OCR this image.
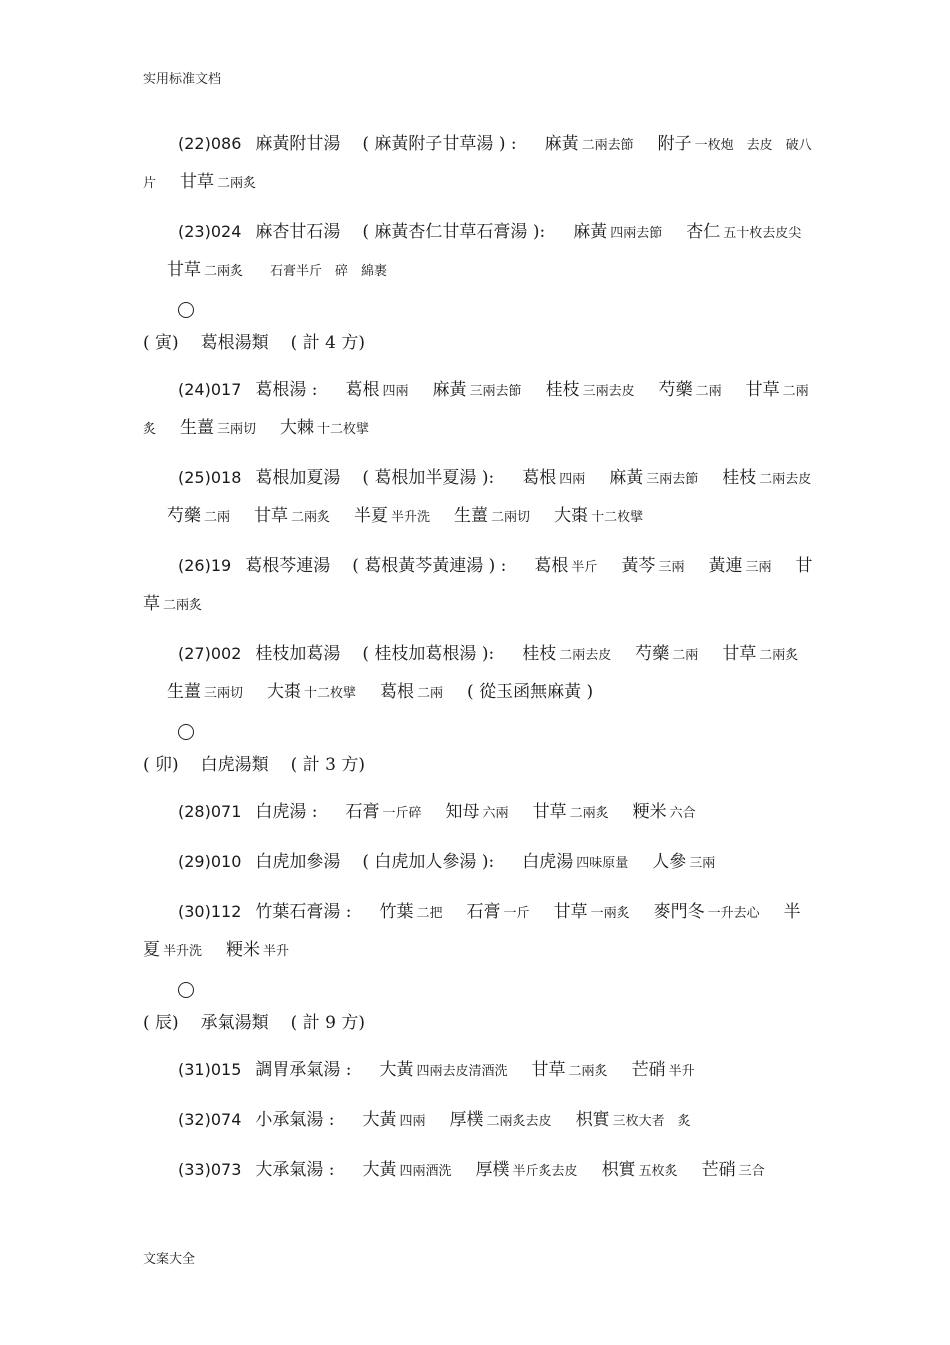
实用标准文档
(22)086 麻黃附甘湯 ( 麻黃附子甘草湯 ) : 麻黃 二兩去節 附子 一枚炮　去皮　破八片 甘草 二兩炙
(23)024 麻杏甘石湯 ( 麻黃杏仁甘草石膏湯 ): 麻黃 四兩去節 杏仁 五十枚去皮尖甘草 二兩炙 石膏半斤　碎　綿裹
( 寅) 葛根湯類 ( 計 4 方)
(24)017 葛根湯 : 葛根 四兩 麻黃 三兩去節 桂枝 三兩去皮 芍藥 二兩 甘草 二兩炙 生薑 三兩切 大棘 十二枚擘
(25)018 葛根加夏湯 ( 葛根加半夏湯 ): 葛根 四兩 麻黃 三兩去節 桂枝 二兩去皮芍藥 二兩 甘草 二兩炙 半夏 半升洗 生薑 二兩切 大棗 十二枚擘
(26)19 葛根芩連湯 ( 葛根黃芩黃連湯 ) : 葛根 半斤 黃芩 三兩 黃連 三兩 甘草 二兩炙
(27)002 桂枝加葛湯 ( 桂枝加葛根湯 ): 桂枝 二兩去皮 芍藥 二兩 甘草 二兩炙生薑 三兩切 大棗 十二枚擘 葛根 二兩 ( 從玉函無麻黃 )
( 卯) 白虎湯類 ( 計 3 方)
(28)071 白虎湯 : 石膏 一斤碎 知母 六兩 甘草 二兩炙 粳米 六合
(29)010 白虎加參湯 ( 白虎加人參湯 ): 白虎湯 四味原量 人參 三兩
(30)112 竹葉石膏湯 : 竹葉 二把 石膏 一斤 甘草 一兩炙 麥門冬 一升去心 半夏 半升洗 粳米 半升
( 辰) 承氣湯類 ( 計 9 方)
(31)015 調胃承氣湯 : 大黃 四兩去皮清酒洗 甘草 二兩炙 芒硝 半升
(32)074 小承氣湯 : 大黃 四兩 厚樸 二兩炙去皮 枳實 三枚大者　炙
(33)073 大承氣湯 : 大黃 四兩酒洗 厚樸 半斤炙去皮 枳實 五枚炙 芒硝 三合
文案大全
